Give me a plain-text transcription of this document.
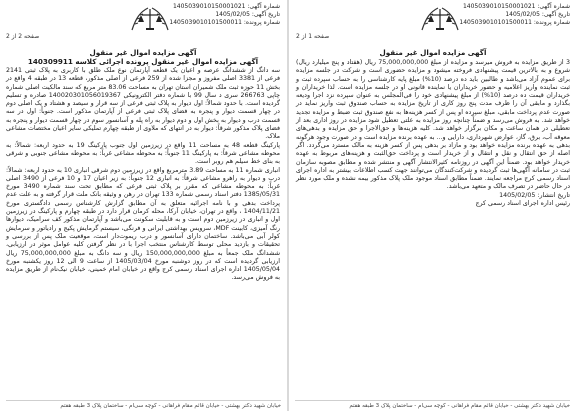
شماره آگهی: 1405039010150001021
تاریخ آگهی: 1405/02/05
شماره پرونده: 1405039010101500011
صفحه 2 از 2

آگهی مزایده اموال غیر منقول

آگهی مزایده اموال غیر منقول پرونده اجرائی کلاسه 140309911

سه دانگ از ششدانگ عرصه و اعیان یک قطعه آپارتمان نوع ملک طلق با کاربری به پلاک ثبتی 2141 فرعی از 3381 اصلی مفروز و مجزا شده از 259 فرعی از اصلی مذکور، قطعه 13 در طبقه 4 واقع در بخش 11 حوزه ثبت ملک شمیران استان تهران به مساحت 83.06 متر مربع که سند مالکیت اصلی شماره چاپی 266763 سری د سال 99 با شماره دفتر الکترونیکی 140020301056019367 صادره و تسلیم گردیده است. با حدود شمالاً: اول دیوار به پلاک ثبتی فرعی از سه قرار و سیصد و هشتاد و یک اصلی دوم در چهار قسمت دیوار و پنجره به فضای پلاک ثبتی فرعی از آپارتمان مذکور است. جنوباً: اول در سه قسمت درب و دیوار به بخش اول و دوم دیوار به راه پله و آسانسور سوم در چهار قسمت دیوار و پنجره به فضای پلاک مذکور شرقاً: دیوار به در انتهای که ملاوی از طبقه چهارم تملیکی سایر اعیان مختصات مشاعی ملاک.
پارکینگ قطعه 48 به مساحت 11 واقع در زیرزمین اول جنوب پارکینگ 19 به حدود اربعه: شمالاً: به محوطه مشاعی شرقاً: به پارکینگ 11 جنوباً: به محوطه مشاعی غرباً: به محوطه مشاعی جنوبی و شرقی به بنای خط سیلم هم روبر است.
انباری شماره 11 به مساحت 3.89 مترمربع واقع در زیرزمین دوم شرقی انباری 10 به حدود اربعه: شمالاً: درب و دیوار به راهرو مشاعی شرقاً: به انباری 12 جنوباً: به زیر اعیان 17 و 10 فرعی از 3490 اصلی غرباً: به محوطه مشاعی که مقرر بر پلاک ثبتی فرعی که مطابق تحت سند شماره 3490 مورخ 1385/05/31 دفتر اسناد رسمی شماره 133 تهران در رهن و وثیقه بانک ملت قرار گرفته و به علت عدم پرداخت بدهی و با نامه اجرائیه متعلق به آن مطابق گزارش کارشناس رسمی دادگستری مورخ 1404/11/21 ، واقع در تهران، خیابان آرکا، محله کرمان قرار دارد در طبقه چهارم و پارکینگ در زیرزمین اول و انباری در زیرزمین دوم است و به قابلیت سکونت می‌باشد و آپارتمان مذکور کف سرامیک، دیوارها رنگ آمیزی، کابینت MDF، سرویس بهداشتی ایرانی و فرنگی، سیستم گرمایش پکیج و رادیاتور و سرمایش کولر آبی می‌باشد. ساختمان دارای آسانسور و درب ریموت‌دار است، موقعیت ملک پس از بررسی و تحقیقات و بازدید محلی توسط کارشناس منتخب اجرا با در نظر گرفتن کلیه عوامل موثر در ارزیابی، ششدانگ ملک جمعاً به مبلغ 150,000,000,000 ریال و سه دانگ به مبلغ 75,000,000,000 ریال ارزیابی گردیده است که در روز دوشنبه مورخ 1405/03/04 از ساعت 9 الی 12 روز یکشنبه مورخ 1405/05/04 اداره اجرای اسناد رسمی کرج واقع در خیابان امام خمینی، خیابان نیک‌نام از طریق مزایده به فروش می‌رسد.

خیابان شهید دکتر بهشتی - خیابان قائم مقام فراهانی - کوچه سی‌ام - ساختمان پلاک 3 طبقه هفتم
شماره آگهی: 1405039010150001021
تاریخ آگهی: 1405/02/05
شماره پرونده: 1405039010101500011
صفحه 1 از 2

آگهی مزایده اموال غیر منقول

3 از طریق مزایده به فروش میرسد و مزایده از مبلغ 75,000,000,000 ریال (هفتاد و پنج میلیارد ریال) شروع و به بالاترین قیمت پیشنهادی فروخته میشود و مزایده حضوری است و شرکت در جلسه مزایده برای عموم آزاد می‌باشد و طالبین باید ده درصد (10%) مبلغ پایه کارشناسی را به حساب سپرده ثبت و ثبت نماینده واریز اعلامیه و حضور خریداران یا نماینده قانونی او در جلسه مزایده است. لذا خریداران و خریداران قیمت ده درصد (10%) از مبلغ پیشنهادی خود را فی‌المجلس به عنوان سپرده نزد اجرا ودیعه بگذارد و مابقی آن را ظرف مدت پنج روز کاری از تاریخ مزایده به حساب صندوق ثبت واریز نماید در صورت عدم پرداخت مابقی، مبلغ سپرده او پس از کسر هزینه‌ها به نفع صندوق ثبت ضبط و مزایده تجدید خواهد شد. به فروش می‌رسد و ضمناً چنانچه روز مزایده به علتی تعطیل شود مزایده در روز اداری بعد از تعطیلی در همان ساعت و مکان برگزار خواهد شد. کلیه هزینه‌ها و حق‌الاجرا و حق مزایده و بدهی‌های معوقه آب، برق، گاز، عوارض شهرداری، دارایی و... به عهده برنده مزایده است و در صورت وجود هرگونه بدهی به عهده برنده مزایده خواهد بود و مازاد بر بدهی پس از کسر هزینه به مالک مسترد می‌گردد. اگر اصله از حق انتقال و نقل و انتقال و از خریدار است و پرداخت حق‌الثبت و هزینه‌های مربوط به عهده خریدار خواهد بود. ضمناً این آگهی در روزنامه کثیرالانتشار آگهی و منتشر شده و مطابق مصوبه سازمان ثبت در سامانه آگهی‌ها ثبت گردیده و شرکت‌کنندگان می‌توانند جهت کسب اطلاعات بیشتر به اداره اجرای اسناد رسمی کرج مراجعه نمایند. ضمناً مطابق اسناد موجود ملک پلاک مذکور بیمه نشده و ملک مورد نظر در حال حاضر در تصرف مالک و متعهد می‌باشد.
تاریخ انتشار: 1405/02/05
رئیس اداره اجرای اسناد رسمی کرج

خیابان شهید دکتر بهشتی - خیابان قائم مقام فراهانی - کوچه سی‌ام - ساختمان پلاک 3 طبقه هفتم
